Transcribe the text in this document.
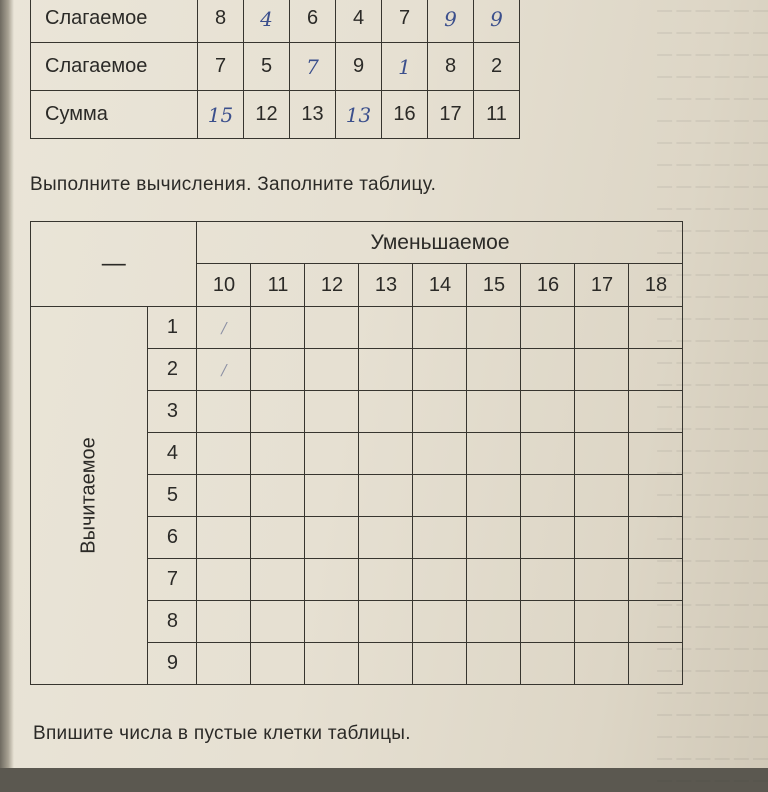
— — — — — —
— — — — — —
— — — — — —
— — — — — —
— — — — — —
— — — — — —
— — — — — —
— — — — — —
— — — — — —
— — — — — —
— — — — — —
— — — — — —
— — — — — —
— — — — — —
— — — — — —
— — — — — —
— — — — — —
— — — — — —
— — — — — —
— — — — — —
— — — — — —
— — — — — —
— — — — — —
— — — — — —
— — — — — —
— — — — — —
— — — — — —
— — — — — —
— — — — — —
— — — — — —
— — — — — —
— — — — — —
— — — — — —
— — — — — —
— — — — — —
— — — — — —
Слагаемое	8	4	6	4	7	9	9
Слагаемое	7	5	7	9	1	8	2
Сумма	15	12	13	13	16	17	11
Выполните вычисления. Заполните таблицу.
—		Уменьшаемое								
		10	11	12	13	14	15	16	17	18
Вычитаемое	1	/								
	2	/								
	3									
	4									
	5									
	6									
	7									
	8									
	9									
Впишите числа в пустые клетки таблицы.
